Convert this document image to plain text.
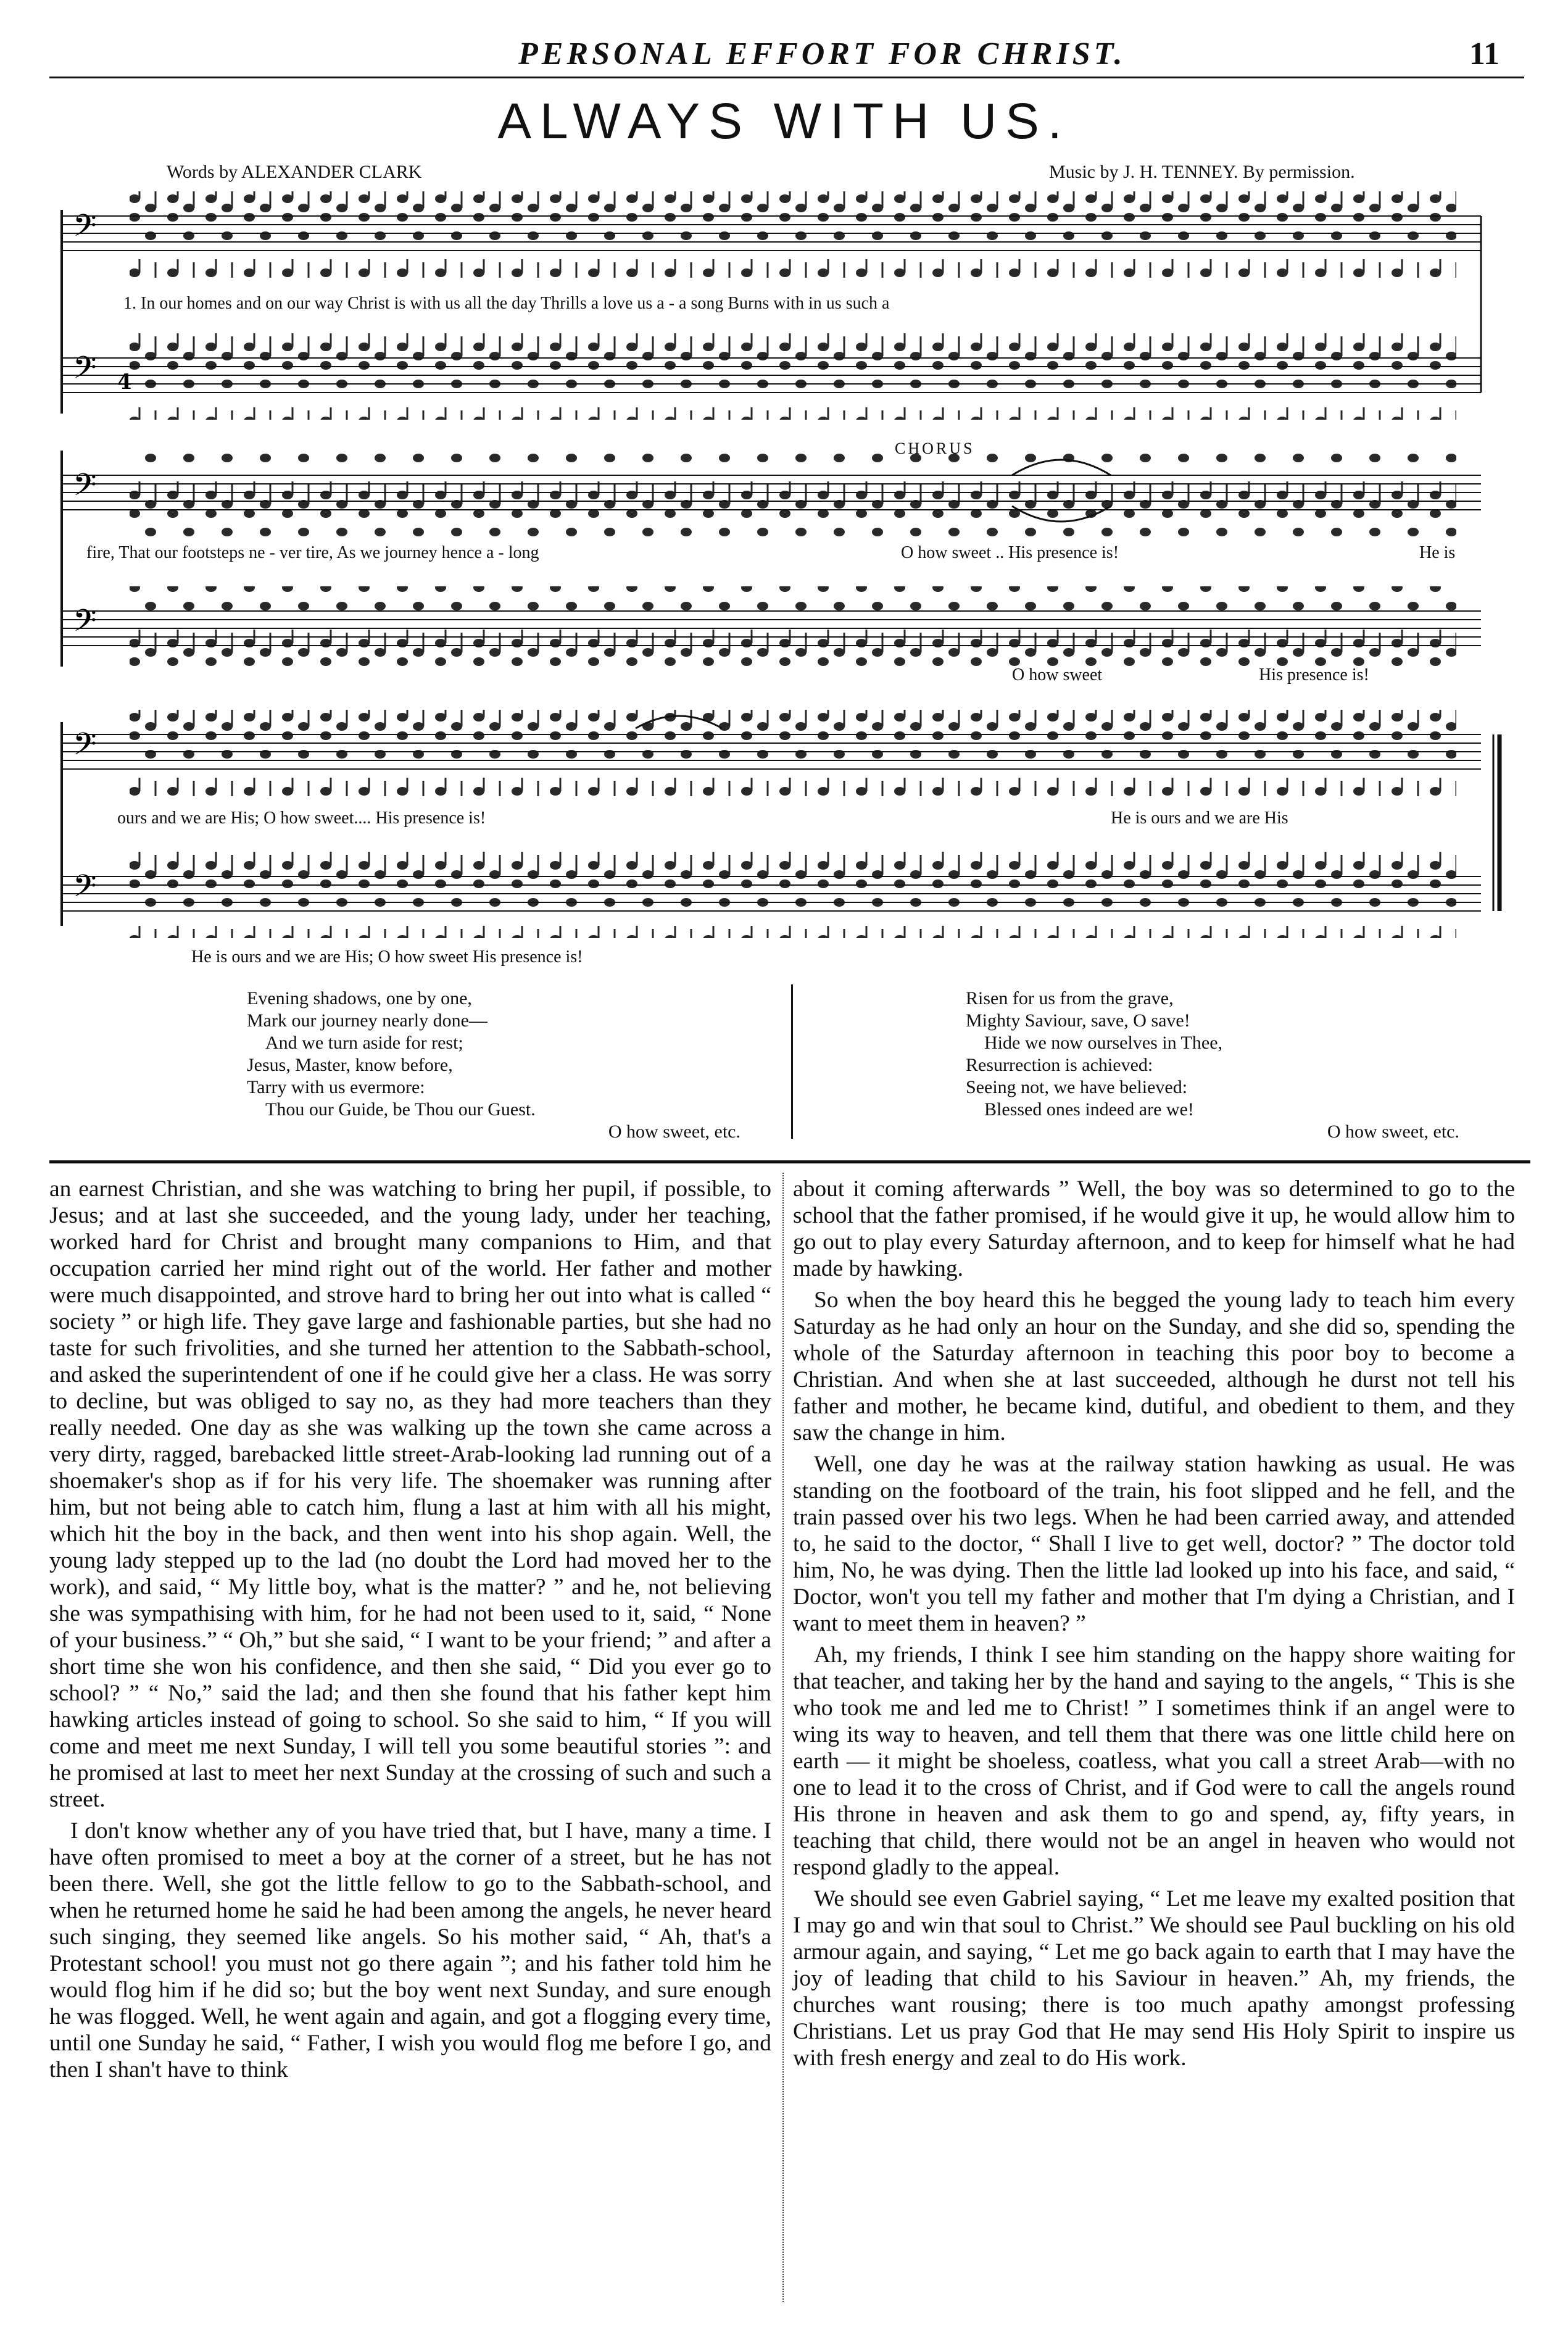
PERSONAL EFFORT FOR CHRIST.	11
ALWAYS WITH US.
Words by ALEXANDER CLARK	Music by J. H. TENNEY. By permission.
𝄢
𝄢 4
𝄢
𝄢
𝄢
𝄢
1. In our homes and on our way Christ is with us all the day Thrills a love us a - a song Burns with in us such a
CHORUS
fire, That our footsteps ne - ver tire, As we journey hence a - long	O how sweet .. His presence is!	He is
O how sweet	His presence is!
ours and we are His; O how sweet.... His presence is!	He is ours and we are His
He is ours and we are His; O how sweet His presence is!
Evening shadows, one by one,
Mark our journey nearly done—
And we turn aside for rest;
Jesus, Master, know before,
Tarry with us evermore:
Thou our Guide, be Thou our Guest.
O how sweet, etc.
Risen for us from the grave,
Mighty Saviour, save, O save!
Hide we now ourselves in Thee,
Resurrection is achieved:
Seeing not, we have believed:
Blessed ones indeed are we!
O how sweet, etc.

an earnest Christian, and she was watching to bring her pupil, if possible, to Jesus; and at last she succeeded, and the young lady, under her teaching, worked hard for Christ and brought many companions to Him, and that occupation carried her mind right out of the world. Her father and mother were much disappointed, and strove hard to bring her out into what is called “ society ” or high life. They gave large and fashionable parties, but she had no taste for such frivolities, and she turned her attention to the Sabbath-school, and asked the superintendent of one if he could give her a class. He was sorry to decline, but was obliged to say no, as they had more teachers than they really needed. One day as she was walking up the town she came across a very dirty, ragged, barebacked little street-Arab-looking lad running out of a shoemaker's shop as if for his very life. The shoemaker was running after him, but not being able to catch him, flung a last at him with all his might, which hit the boy in the back, and then went into his shop again. Well, the young lady stepped up to the lad (no doubt the Lord had moved her to the work), and said, “ My little boy, what is the matter? ” and he, not believing she was sympathising with him, for he had not been used to it, said, “ None of your business.” “ Oh,” but she said, “ I want to be your friend; ” and after a short time she won his confidence, and then she said, “ Did you ever go to school? ” “ No,” said the lad; and then she found that his father kept him hawking articles instead of going to school. So she said to him, “ If you will come and meet me next Sunday, I will tell you some beautiful stories ”: and he promised at last to meet her next Sunday at the crossing of such and such a street.

I don't know whether any of you have tried that, but I have, many a time. I have often promised to meet a boy at the corner of a street, but he has not been there. Well, she got the little fellow to go to the Sabbath-school, and when he returned home he said he had been among the angels, he never heard such singing, they seemed like angels. So his mother said, “ Ah, that's a Protestant school! you must not go there again ”; and his father told him he would flog him if he did so; but the boy went next Sunday, and sure enough he was flogged. Well, he went again and again, and got a flogging every time, until one Sunday he said, “ Father, I wish you would flog me before I go, and then I shan't have to think

about it coming afterwards ” Well, the boy was so determined to go to the school that the father promised, if he would give it up, he would allow him to go out to play every Saturday afternoon, and to keep for himself what he had made by hawking.

So when the boy heard this he begged the young lady to teach him every Saturday as he had only an hour on the Sunday, and she did so, spending the whole of the Saturday afternoon in teaching this poor boy to become a Christian. And when she at last succeeded, although he durst not tell his father and mother, he became kind, dutiful, and obedient to them, and they saw the change in him.

Well, one day he was at the railway station hawking as usual. He was standing on the footboard of the train, his foot slipped and he fell, and the train passed over his two legs. When he had been carried away, and attended to, he said to the doctor, “ Shall I live to get well, doctor? ” The doctor told him, No, he was dying. Then the little lad looked up into his face, and said, “ Doctor, won't you tell my father and mother that I'm dying a Christian, and I want to meet them in heaven? ”

Ah, my friends, I think I see him standing on the happy shore waiting for that teacher, and taking her by the hand and saying to the angels, “ This is she who took me and led me to Christ! ” I sometimes think if an angel were to wing its way to heaven, and tell them that there was one little child here on earth — it might be shoeless, coatless, what you call a street Arab—with no one to lead it to the cross of Christ, and if God were to call the angels round His throne in heaven and ask them to go and spend, ay, fifty years, in teaching that child, there would not be an angel in heaven who would not respond gladly to the appeal.

We should see even Gabriel saying, “ Let me leave my exalted position that I may go and win that soul to Christ.” We should see Paul buckling on his old armour again, and saying, “ Let me go back again to earth that I may have the joy of leading that child to his Saviour in heaven.” Ah, my friends, the churches want rousing; there is too much apathy amongst professing Christians. Let us pray God that He may send His Holy Spirit to inspire us with fresh energy and zeal to do His work.
